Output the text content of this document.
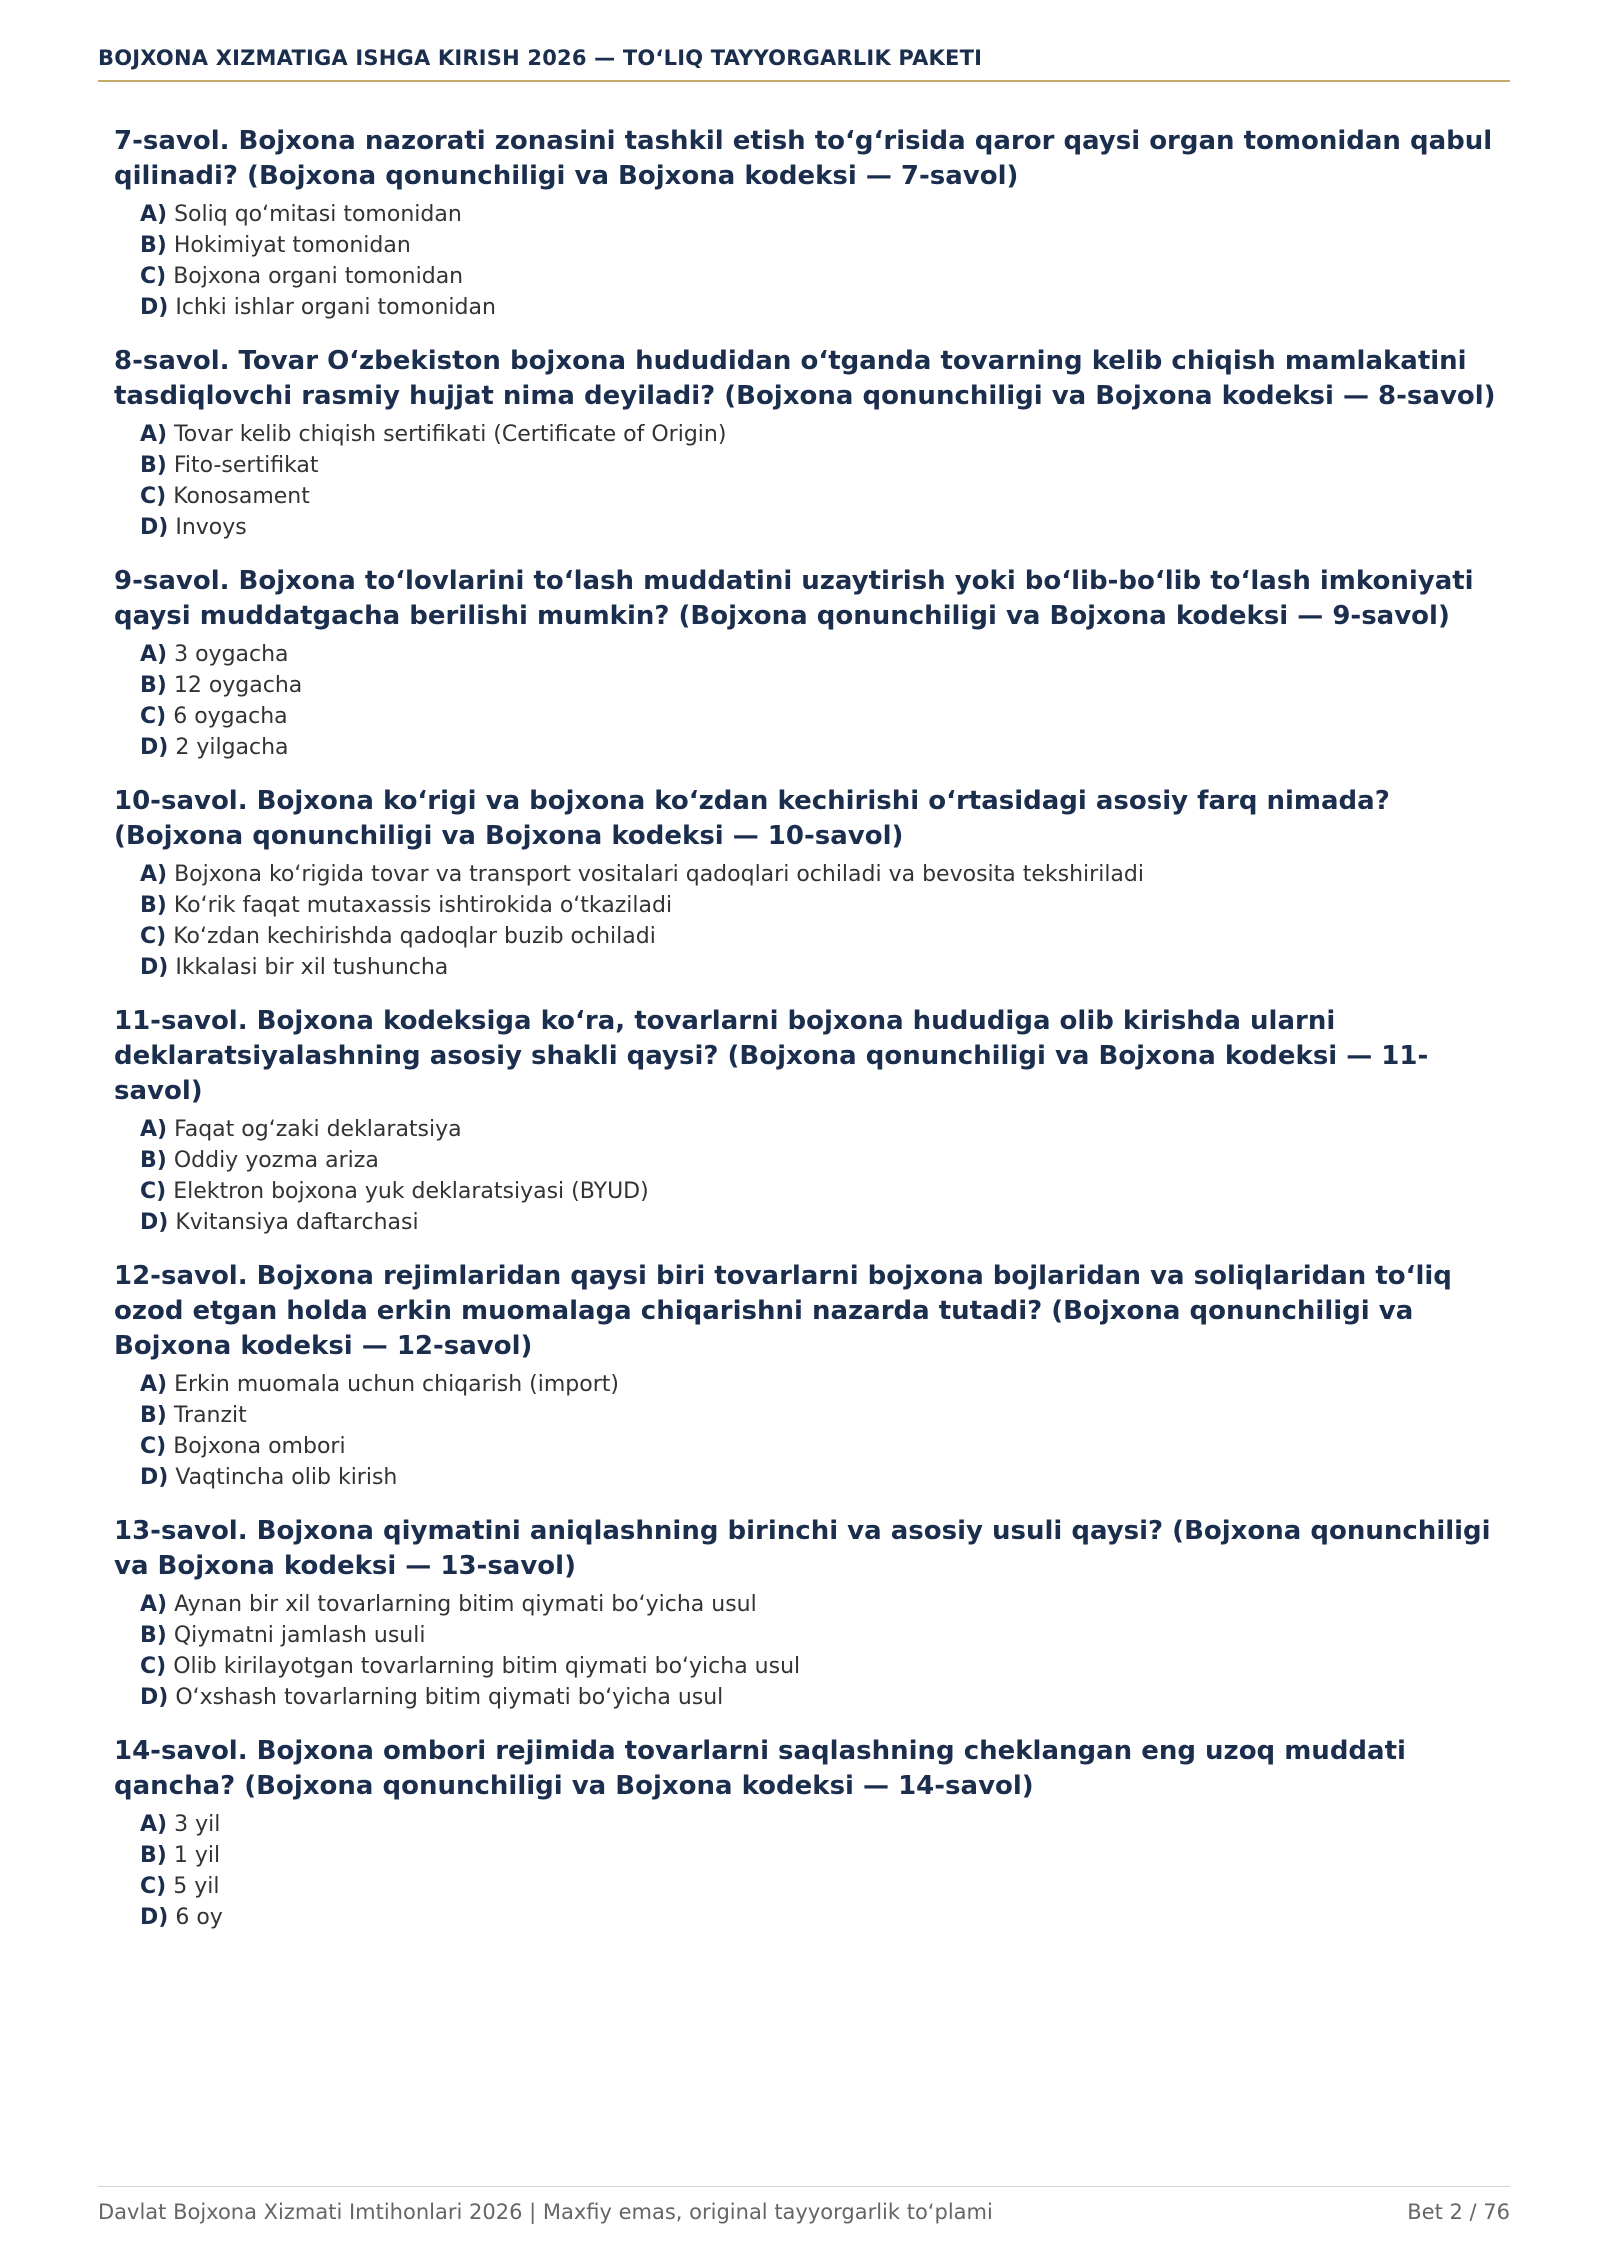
BOJXONA XIZMATIGA ISHGA KIRISH 2026 — TO‘LIQ TAYYORGARLIK PAKETI

7-savol. Bojxona nazorati zonasini tashkil etish to‘g‘risida qaror qaysi organ tomonidan qabul qilinadi? (Bojxona qonunchiligi va Bojxona kodeksi — 7-savol)

A) Soliq qo‘mitasi tomonidan
B) Hokimiyat tomonidan
C) Bojxona organi tomonidan
D) Ichki ishlar organi tomonidan

8-savol. Tovar O‘zbekiston bojxona hududidan o‘tganda tovarning kelib chiqish mamlakatini tasdiqlovchi rasmiy hujjat nima deyiladi? (Bojxona qonunchiligi va Bojxona kodeksi — 8-savol)

A) Tovar kelib chiqish sertifikati (Certificate of Origin)
B) Fito-sertifikat
C) Konosament
D) Invoys

9-savol. Bojxona to‘lovlarini to‘lash muddatini uzaytirish yoki bo‘lib-bo‘lib to‘lash imkoniyati qaysi muddatgacha berilishi mumkin? (Bojxona qonunchiligi va Bojxona kodeksi — 9-savol)

A) 3 oygacha
B) 12 oygacha
C) 6 oygacha
D) 2 yilgacha

10-savol. Bojxona ko‘rigi va bojxona ko‘zdan kechirishi o‘rtasidagi asosiy farq nimada? (Bojxona qonunchiligi va Bojxona kodeksi — 10-savol)

A) Bojxona ko‘rigida tovar va transport vositalari qadoqlari ochiladi va bevosita tekshiriladi
B) Ko‘rik faqat mutaxassis ishtirokida o‘tkaziladi
C) Ko‘zdan kechirishda qadoqlar buzib ochiladi
D) Ikkalasi bir xil tushuncha

11-savol. Bojxona kodeksiga ko‘ra, tovarlarni bojxona hududiga olib kirishda ularni deklaratsiyalashning asosiy shakli qaysi? (Bojxona qonunchiligi va Bojxona kodeksi — 11-savol)

A) Faqat og‘zaki deklaratsiya
B) Oddiy yozma ariza
C) Elektron bojxona yuk deklaratsiyasi (BYUD)
D) Kvitansiya daftarchasi

12-savol. Bojxona rejimlaridan qaysi biri tovarlarni bojxona bojlaridan va soliqlaridan to‘liq ozod etgan holda erkin muomalaga chiqarishni nazarda tutadi? (Bojxona qonunchiligi va Bojxona kodeksi — 12-savol)

A) Erkin muomala uchun chiqarish (import)
B) Tranzit
C) Bojxona ombori
D) Vaqtincha olib kirish

13-savol. Bojxona qiymatini aniqlashning birinchi va asosiy usuli qaysi? (Bojxona qonunchiligi va Bojxona kodeksi — 13-savol)

A) Aynan bir xil tovarlarning bitim qiymati bo‘yicha usul
B) Qiymatni jamlash usuli
C) Olib kirilayotgan tovarlarning bitim qiymati bo‘yicha usul
D) O‘xshash tovarlarning bitim qiymati bo‘yicha usul

14-savol. Bojxona ombori rejimida tovarlarni saqlashning cheklangan eng uzoq muddati qancha? (Bojxona qonunchiligi va Bojxona kodeksi — 14-savol)

A) 3 yil
B) 1 yil
C) 5 yil
D) 6 oy
Davlat Bojxona Xizmati Imtihonlari 2026 | Maxfiy emas, original tayyorgarlik to‘plami	Bet 2 / 76
